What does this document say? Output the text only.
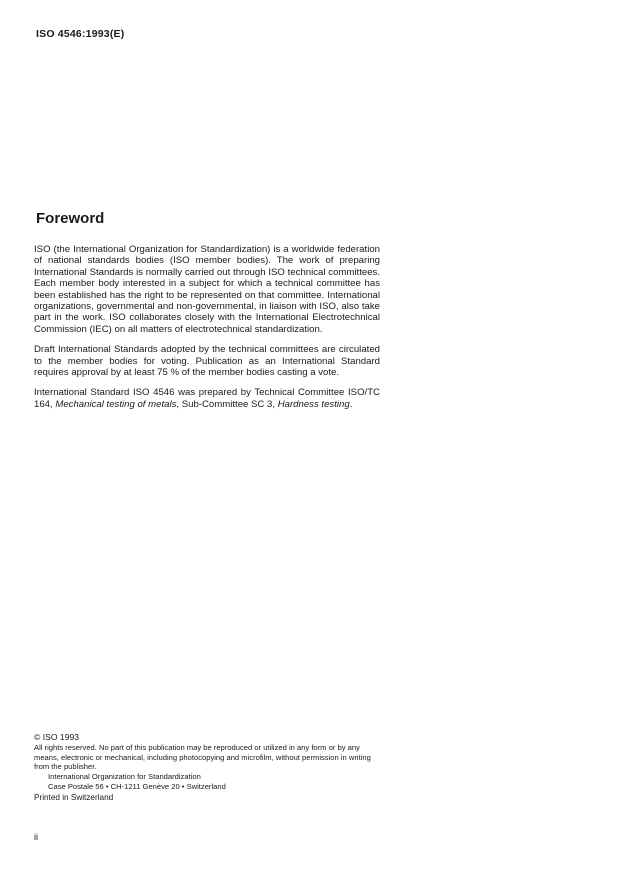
ISO 4546:1993(E)
Foreword

ISO (the International Organization for Standardization) is a worldwide federation of national standards bodies (ISO member bodies). The work of preparing International Standards is normally carried out through ISO technical committees. Each member body interested in a subject for which a technical committee has been established has the right to be represented on that committee. International organizations, governmental and non-governmental, in liaison with ISO, also take part in the work. ISO collaborates closely with the International Electrotechnical Commission (IEC) on all matters of electrotechnical standardization.

Draft International Standards adopted by the technical committees are circulated to the member bodies for voting. Publication as an International Standard requires approval by at least 75 % of the member bodies casting a vote.

International Standard ISO 4546 was prepared by Technical Committee ISO/TC 164, Mechanical testing of metals, Sub-Committee SC 3, Hardness testing.

© ISO 1993
All rights reserved. No part of this publication may be reproduced or utilized in any form or by any means, electronic or mechanical, including photocopying and microfilm, without permission in writing from the publisher.
International Organization for Standardization
Case Postale 56 • CH-1211 Genève 20 • Switzerland
Printed in Switzerland
ii
